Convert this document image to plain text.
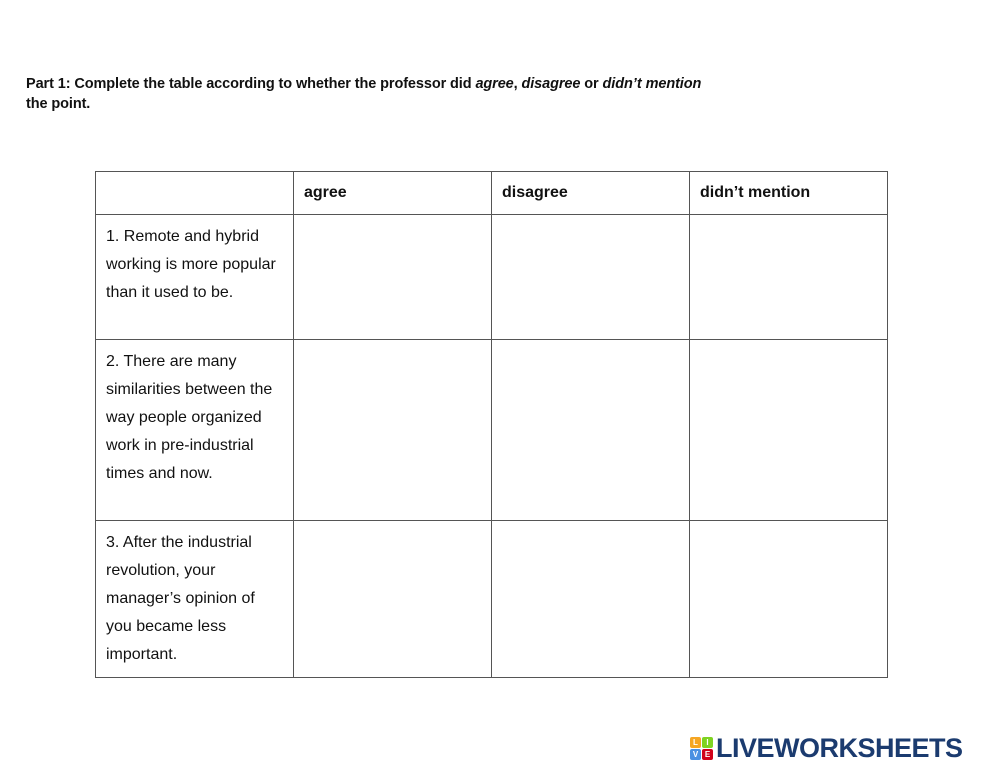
Part 1: Complete the table according to whether the professor did agree, disagree or didn’t mention
the point.
	agree	disagree	didn’t mention
1. Remote and hybrid working is more popular than it used to be.			
2. There are many similarities between the way people organized work in pre-industrial times and now.			
3. After the industrial revolution, your manager’s opinion of you became less important.			
L	I
V E LIVEWORKSHEETS
